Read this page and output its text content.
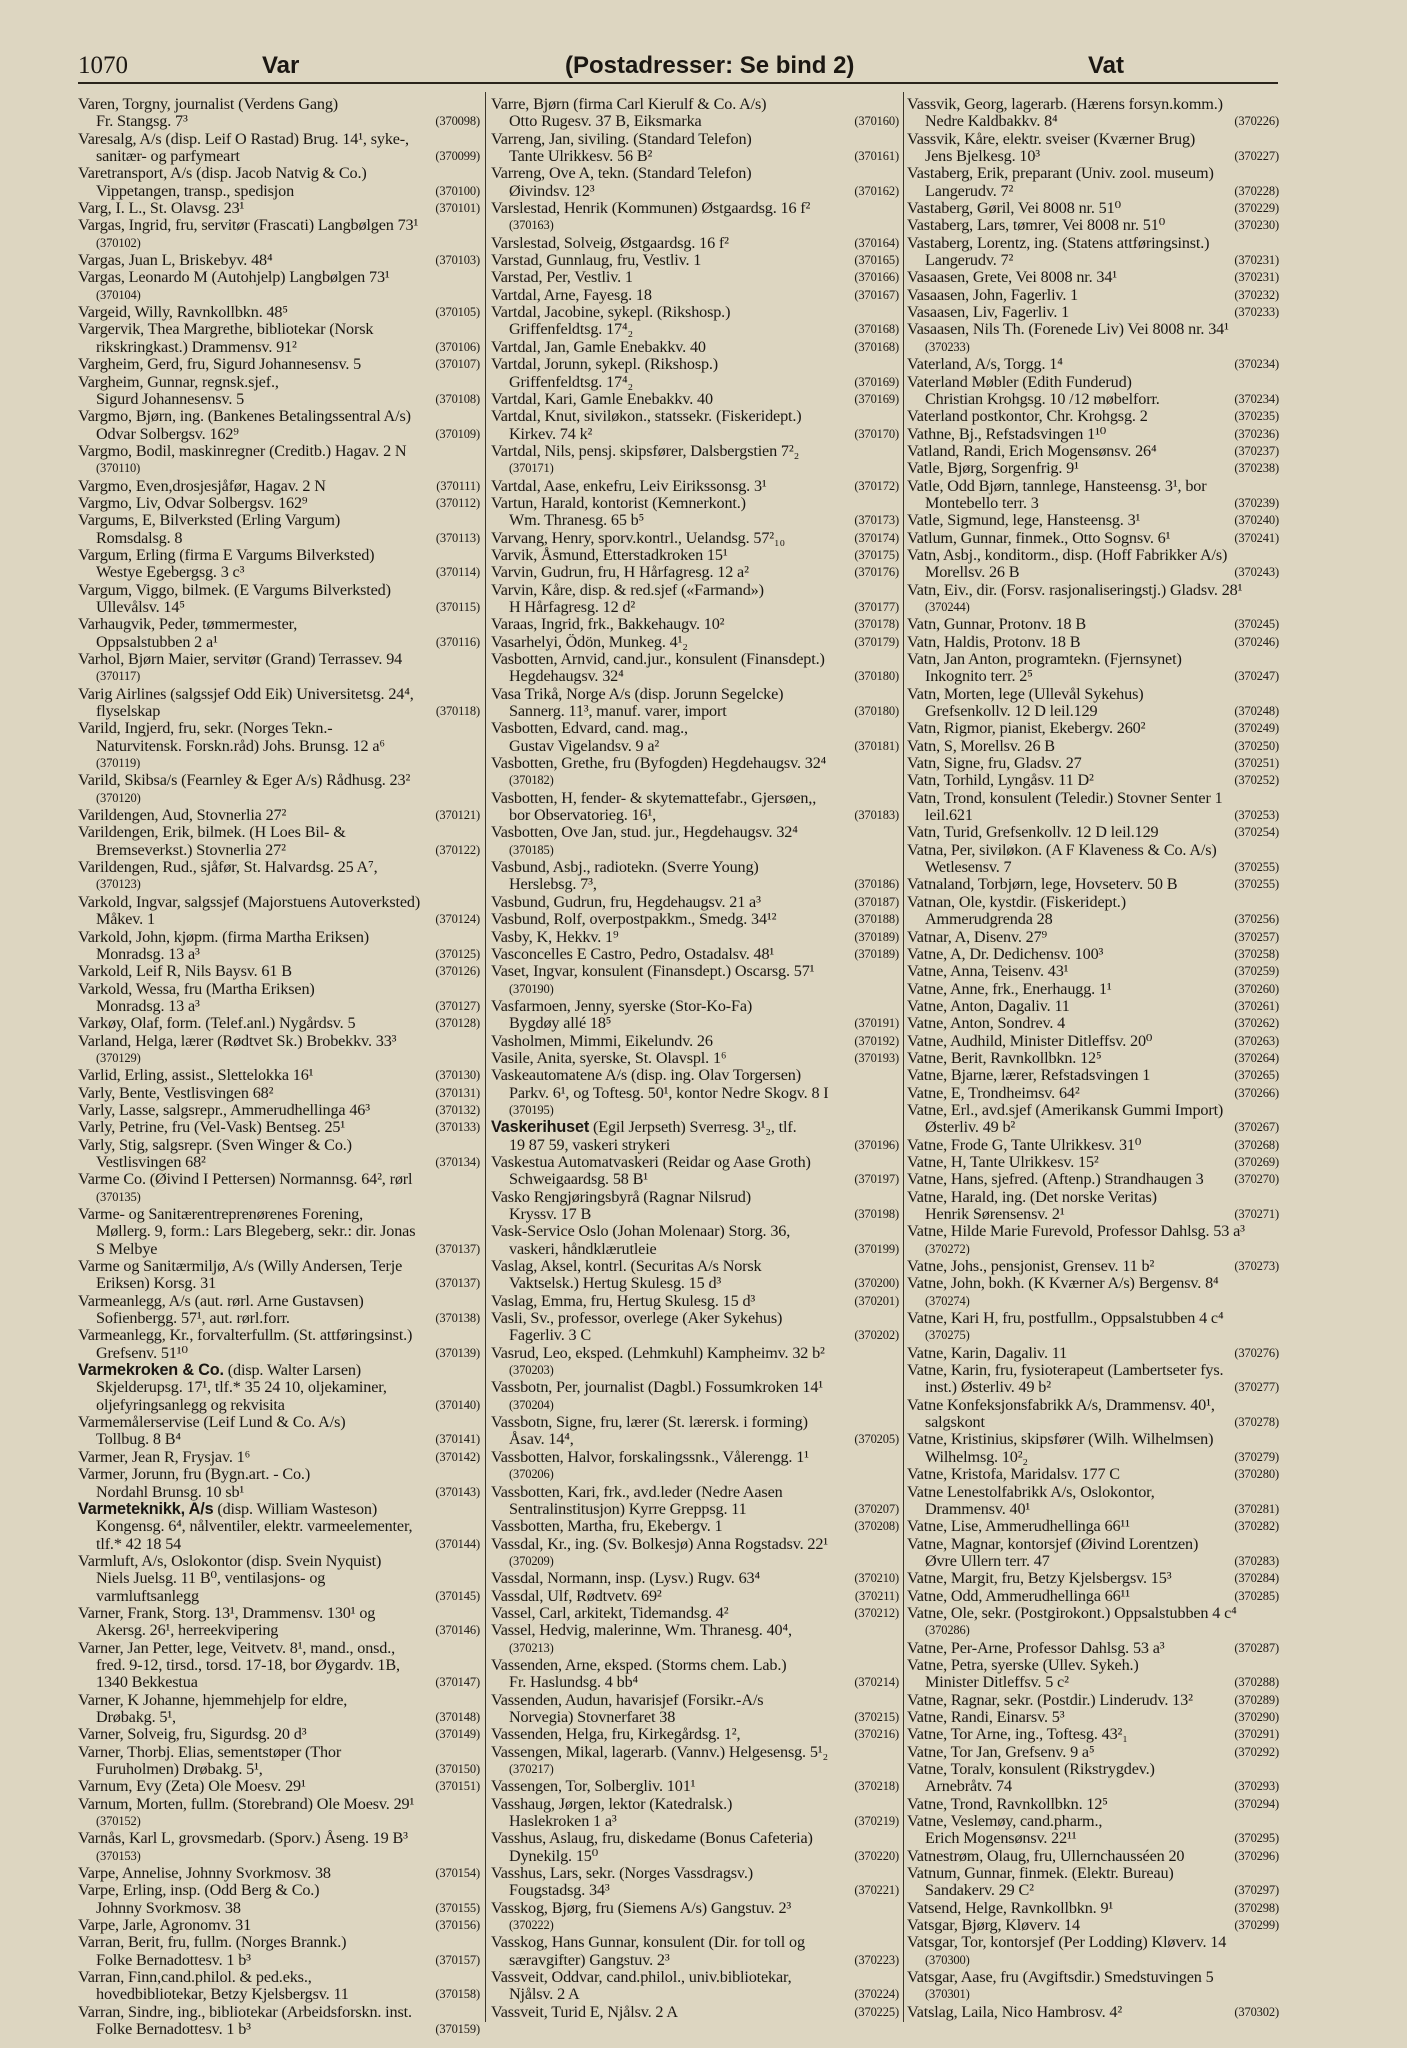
1070	Var	(Postadresser: Se bind 2)	Vat
Varen, Torgny, journalist (Verdens Gang)
Fr. Stangsg. 7³	(370098)
Varesalg, A/s (disp. Leif O Rastad) Brug. 14¹, syke-,
sanitær- og parfymeart	(370099)
Varetransport, A/s (disp. Jacob Natvig & Co.)
Vippetangen, transp., spedisjon	(370100)
Varg, I. L., St. Olavsg. 23¹	(370101)
Vargas, Ingrid, fru, servitør (Frascati) Langbølgen 73¹
(370102)
Vargas, Juan L, Briskebyv. 48⁴	(370103)
Vargas, Leonardo M (Autohjelp) Langbølgen 73¹
(370104)
Vargeid, Willy, Ravnkollbkn. 48⁵	(370105)
Vargervik, Thea Margrethe, bibliotekar (Norsk
rikskringkast.) Drammensv. 91²	(370106)
Vargheim, Gerd, fru, Sigurd Johannesensv. 5	(370107)
Vargheim, Gunnar, regnsk.sjef.,
Sigurd Johannesensv. 5	(370108)
Vargmo, Bjørn, ing. (Bankenes Betalingssentral A/s)
Odvar Solbergsv. 162⁹	(370109)
Vargmo, Bodil, maskinregner (Creditb.) Hagav. 2 N
(370110)
Vargmo, Even,drosjesjåfør, Hagav. 2 N	(370111)
Vargmo, Liv, Odvar Solbergsv. 162⁹	(370112)
Vargums, E, Bilverksted (Erling Vargum)
Romsdalsg. 8	(370113)
Vargum, Erling (firma E Vargums Bilverksted)
Westye Egebergsg. 3 c³	(370114)
Vargum, Viggo, bilmek. (E Vargums Bilverksted)
Ullevålsv. 14⁵	(370115)
Varhaugvik, Peder, tømmermester,
Oppsalstubben 2 a¹	(370116)
Varhol, Bjørn Maier, servitør (Grand) Terrassev. 94
(370117)
Varig Airlines (salgssjef Odd Eik) Universitetsg. 24⁴,
flyselskap	(370118)
Varild, Ingjerd, fru, sekr. (Norges Tekn.-
Naturvitensk. Forskn.råd) Johs. Brunsg. 12 a⁶
(370119)
Varild, Skibsa/s (Fearnley & Eger A/s) Rådhusg. 23²
(370120)
Varildengen, Aud, Stovnerlia 27²	(370121)
Varildengen, Erik, bilmek. (H Loes Bil- &
Bremseverkst.) Stovnerlia 27²	(370122)
Varildengen, Rud., sjåfør, St. Halvardsg. 25 A⁷,
(370123)
Varkold, Ingvar, salgssjef (Majorstuens Autoverksted)
Måkev. 1	(370124)
Varkold, John, kjøpm. (firma Martha Eriksen)
Monradsg. 13 a³	(370125)
Varkold, Leif R, Nils Baysv. 61 B	(370126)
Varkold, Wessa, fru (Martha Eriksen)
Monradsg. 13 a³	(370127)
Varkøy, Olaf, form. (Telef.anl.) Nygårdsv. 5	(370128)
Varland, Helga, lærer (Rødtvet Sk.) Brobekkv. 33³
(370129)
Varlid, Erling, assist., Slettelokka 16¹	(370130)
Varly, Bente, Vestlisvingen 68²	(370131)
Varly, Lasse, salgsrepr., Ammerudhellinga 46³	(370132)
Varly, Petrine, fru (Vel-Vask) Bentseg. 25¹	(370133)
Varly, Stig, salgsrepr. (Sven Winger & Co.)
Vestlisvingen 68²	(370134)
Varme Co. (Øivind I Pettersen) Normannsg. 64², rørl
(370135)
Varme- og Sanitærentreprenørenes Forening,
Møllerg. 9, form.: Lars Blegeberg, sekr.: dir. Jonas
S Melbye	(370137)
Varme og Sanitærmiljø, A/s (Willy Andersen, Terje
Eriksen) Korsg. 31	(370137)
Varmeanlegg, A/s (aut. rørl. Arne Gustavsen)
Sofienbergg. 57¹, aut. rørl.forr.	(370138)
Varmeanlegg, Kr., forvalterfullm. (St. attføringsinst.)
Grefsenv. 51¹⁰	(370139)
Varmekroken & Co. (disp. Walter Larsen)
Skjelderupsg. 17¹, tlf.* 35 24 10, oljekaminer,
oljefyringsanlegg og rekvisita	(370140)
Varmemålerservise (Leif Lund & Co. A/s)
Tollbug. 8 B⁴	(370141)
Varmer, Jean R, Frysjav. 1⁶	(370142)
Varmer, Jorunn, fru (Bygn.art. - Co.)
Nordahl Brunsg. 10 sb¹	(370143)
Varmeteknikk, A/s (disp. William Wasteson)
Kongensg. 6⁴, nålventiler, elektr. varmeelementer,
tlf.* 42 18 54	(370144)
Varmluft, A/s, Oslokontor (disp. Svein Nyquist)
Niels Juelsg. 11 B⁰, ventilasjons- og
varmluftsanlegg	(370145)
Varner, Frank, Storg. 13¹, Drammensv. 130¹ og
Akersg. 26¹, herreekvipering	(370146)
Varner, Jan Petter, lege, Veitvetv. 8¹, mand., onsd.,
fred. 9-12, tirsd., torsd. 17-18, bor Øygardv. 1B,
1340 Bekkestua	(370147)
Varner, K Johanne, hjemmehjelp for eldre,
Drøbakg. 5¹,	(370148)
Varner, Solveig, fru, Sigurdsg. 20 d³	(370149)
Varner, Thorbj. Elias, sementstøper (Thor
Furuholmen) Drøbakg. 5¹,	(370150)
Varnum, Evy (Zeta) Ole Moesv. 29¹	(370151)
Varnum, Morten, fullm. (Storebrand) Ole Moesv. 29¹
(370152)
Varnås, Karl L, grovsmedarb. (Sporv.) Åseng. 19 B³
(370153)
Varpe, Annelise, Johnny Svorkmosv. 38	(370154)
Varpe, Erling, insp. (Odd Berg & Co.)
Johnny Svorkmosv. 38	(370155)
Varpe, Jarle, Agronomv. 31	(370156)
Varran, Berit, fru, fullm. (Norges Brannk.)
Folke Bernadottesv. 1 b³	(370157)
Varran, Finn,cand.philol. & ped.eks.,
hovedbibliotekar, Betzy Kjelsbergsv. 11	(370158)
Varran, Sindre, ing., bibliotekar (Arbeidsforskn. inst.
Folke Bernadottesv. 1 b³	(370159)
Varre, Bjørn (firma Carl Kierulf & Co. A/s)
Otto Rugesv. 37 B, Eiksmarka	(370160)
Varreng, Jan, siviling. (Standard Telefon)
Tante Ulrikkesv. 56 B²	(370161)
Varreng, Ove A, tekn. (Standard Telefon)
Øivindsv. 12³	(370162)
Varslestad, Henrik (Kommunen) Østgaardsg. 16 f²
(370163)
Varslestad, Solveig, Østgaardsg. 16 f²	(370164)
Varstad, Gunnlaug, fru, Vestliv. 1	(370165)
Varstad, Per, Vestliv. 1	(370166)
Vartdal, Arne, Fayesg. 18	(370167)
Vartdal, Jacobine, sykepl. (Rikshosp.)
Griffenfeldtsg. 17⁴₂	(370168)
Vartdal, Jan, Gamle Enebakkv. 40	(370168)
Vartdal, Jorunn, sykepl. (Rikshosp.)
Griffenfeldtsg. 17⁴₂	(370169)
Vartdal, Kari, Gamle Enebakkv. 40	(370169)
Vartdal, Knut, siviløkon., statssekr. (Fiskeridept.)
Kirkev. 74 k²	(370170)
Vartdal, Nils, pensj. skipsfører, Dalsbergstien 7²₂
(370171)
Vartdal, Aase, enkefru, Leiv Eirikssonsg. 3¹	(370172)
Vartun, Harald, kontorist (Kemnerkont.)
Wm. Thranesg. 65 b⁵	(370173)
Varvang, Henry, sporv.kontrl., Uelandsg. 57²₁₀	(370174)
Varvik, Åsmund, Etterstadkroken 15¹	(370175)
Varvin, Gudrun, fru, H Hårfagresg. 12 a²	(370176)
Varvin, Kåre, disp. & red.sjef («Farmand»)
H Hårfagresg. 12 d²	(370177)
Varaas, Ingrid, frk., Bakkehaugv. 10²	(370178)
Vasarhelyi, Ödön, Munkeg. 4¹₂	(370179)
Vasbotten, Arnvid, cand.jur., konsulent (Finansdept.)
Hegdehaugsv. 32⁴	(370180)
Vasa Trikå, Norge A/s (disp. Jorunn Segelcke)
Sannerg. 11³, manuf. varer, import	(370180)
Vasbotten, Edvard, cand. mag.,
Gustav Vigelandsv. 9 a²	(370181)
Vasbotten, Grethe, fru (Byfogden) Hegdehaugsv. 32⁴
(370182)
Vasbotten, H, fender- & skytemattefabr., Gjersøen,,
bor Observatorieg. 16¹,	(370183)
Vasbotten, Ove Jan, stud. jur., Hegdehaugsv. 32⁴
(370185)
Vasbund, Asbj., radiotekn. (Sverre Young)
Herslebsg. 7³,	(370186)
Vasbund, Gudrun, fru, Hegdehaugsv. 21 a³	(370187)
Vasbund, Rolf, overpostpakkm., Smedg. 34¹²	(370188)
Vasby, K, Hekkv. 1⁹	(370189)
Vasconcelles E Castro, Pedro, Ostadalsv. 48¹	(370189)
Vaset, Ingvar, konsulent (Finansdept.) Oscarsg. 57¹
(370190)
Vasfarmoen, Jenny, syerske (Stor-Ko-Fa)
Bygdøy allé 18⁵	(370191)
Vasholmen, Mimmi, Eikelundv. 26	(370192)
Vasile, Anita, syerske, St. Olavspl. 1⁶	(370193)
Vaskeautomatene A/s (disp. ing. Olav Torgersen)
Parkv. 6¹, og Toftesg. 50¹, kontor Nedre Skogv. 8 I
(370195)
Vaskerihuset (Egil Jerpseth) Sverresg. 3¹₂, tlf.
19 87 59, vaskeri strykeri	(370196)
Vaskestua Automatvaskeri (Reidar og Aase Groth)
Schweigaardsg. 58 B¹	(370197)
Vasko Rengjøringsbyrå (Ragnar Nilsrud)
Kryssv. 17 B	(370198)
Vask-Service Oslo (Johan Molenaar) Storg. 36,
vaskeri, håndklærutleie	(370199)
Vaslag, Aksel, kontrl. (Securitas A/s Norsk
Vaktselsk.) Hertug Skulesg. 15 d³	(370200)
Vaslag, Emma, fru, Hertug Skulesg. 15 d³	(370201)
Vasli, Sv., professor, overlege (Aker Sykehus)
Fagerliv. 3 C	(370202)
Vasrud, Leo, eksped. (Lehmkuhl) Kampheimv. 32 b²
(370203)
Vassbotn, Per, journalist (Dagbl.) Fossumkroken 14¹
(370204)
Vassbotn, Signe, fru, lærer (St. lærersk. i forming)
Åsav. 14⁴,	(370205)
Vassbotten, Halvor, forskalingssnk., Vålerengg. 1¹
(370206)
Vassbotten, Kari, frk., avd.leder (Nedre Aasen
Sentralinstitusjon) Kyrre Greppsg. 11	(370207)
Vassbotten, Martha, fru, Ekebergv. 1	(370208)
Vassdal, Kr., ing. (Sv. Bolkesjø) Anna Rogstadsv. 22¹
(370209)
Vassdal, Normann, insp. (Lysv.) Rugv. 63⁴	(370210)
Vassdal, Ulf, Rødtvetv. 69²	(370211)
Vassel, Carl, arkitekt, Tidemandsg. 4²	(370212)
Vassel, Hedvig, malerinne, Wm. Thranesg. 40⁴,
(370213)
Vassenden, Arne, eksped. (Storms chem. Lab.)
Fr. Haslundsg. 4 bb⁴	(370214)
Vassenden, Audun, havarisjef (Forsikr.-A/s
Norvegia) Stovnerfaret 38	(370215)
Vassenden, Helga, fru, Kirkegårdsg. 1²,	(370216)
Vassengen, Mikal, lagerarb. (Vannv.) Helgesensg. 5¹₂
(370217)
Vassengen, Tor, Solbergliv. 101¹	(370218)
Vasshaug, Jørgen, lektor (Katedralsk.)
Haslekroken 1 a³	(370219)
Vasshus, Aslaug, fru, diskedame (Bonus Cafeteria)
Dynekilg. 15⁰	(370220)
Vasshus, Lars, sekr. (Norges Vassdragsv.)
Fougstadsg. 34³	(370221)
Vasskog, Bjørg, fru (Siemens A/s) Gangstuv. 2³
(370222)
Vasskog, Hans Gunnar, konsulent (Dir. for toll og
særavgifter) Gangstuv. 2³	(370223)
Vassveit, Oddvar, cand.philol., univ.bibliotekar,
Njålsv. 2 A	(370224)
Vassveit, Turid E, Njålsv. 2 A	(370225)
Vassvik, Georg, lagerarb. (Hærens forsyn.komm.)
Nedre Kaldbakkv. 8⁴	(370226)
Vassvik, Kåre, elektr. sveiser (Kværner Brug)
Jens Bjelkesg. 10³	(370227)
Vastaberg, Erik, preparant (Univ. zool. museum)
Langerudv. 7²	(370228)
Vastaberg, Gøril, Vei 8008 nr. 51⁰	(370229)
Vastaberg, Lars, tømrer, Vei 8008 nr. 51⁰	(370230)
Vastaberg, Lorentz, ing. (Statens attføringsinst.)
Langerudv. 7²	(370231)
Vasaasen, Grete, Vei 8008 nr. 34¹	(370231)
Vasaasen, John, Fagerliv. 1	(370232)
Vasaasen, Liv, Fagerliv. 1	(370233)
Vasaasen, Nils Th. (Forenede Liv) Vei 8008 nr. 34¹
(370233)
Vaterland, A/s, Torgg. 1⁴	(370234)
Vaterland Møbler (Edith Funderud)
Christian Krohgsg. 10 /12 møbelforr.	(370234)
Vaterland postkontor, Chr. Krohgsg. 2	(370235)
Vathne, Bj., Refstadsvingen 1¹⁰	(370236)
Vatland, Randi, Erich Mogensønsv. 26⁴	(370237)
Vatle, Bjørg, Sorgenfrig. 9¹	(370238)
Vatle, Odd Bjørn, tannlege, Hansteensg. 3¹, bor
Montebello terr. 3	(370239)
Vatle, Sigmund, lege, Hansteensg. 3¹	(370240)
Vatlum, Gunnar, finmek., Otto Sognsv. 6¹	(370241)
Vatn, Asbj., konditorm., disp. (Hoff Fabrikker A/s)
Morellsv. 26 B	(370243)
Vatn, Eiv., dir. (Forsv. rasjonaliseringstj.) Gladsv. 28¹
(370244)
Vatn, Gunnar, Protonv. 18 B	(370245)
Vatn, Haldis, Protonv. 18 B	(370246)
Vatn, Jan Anton, programtekn. (Fjernsynet)
Inkognito terr. 2⁵	(370247)
Vatn, Morten, lege (Ullevål Sykehus)
Grefsenkollv. 12 D leil.129	(370248)
Vatn, Rigmor, pianist, Ekebergv. 260²	(370249)
Vatn, S, Morellsv. 26 B	(370250)
Vatn, Signe, fru, Gladsv. 27	(370251)
Vatn, Torhild, Lyngåsv. 11 D²	(370252)
Vatn, Trond, konsulent (Teledir.) Stovner Senter 1
leil.621	(370253)
Vatn, Turid, Grefsenkollv. 12 D leil.129	(370254)
Vatna, Per, siviløkon. (A F Klaveness & Co. A/s)
Wetlesensv. 7	(370255)
Vatnaland, Torbjørn, lege, Hovseterv. 50 B	(370255)
Vatnan, Ole, kystdir. (Fiskeridept.)
Ammerudgrenda 28	(370256)
Vatnar, A, Disenv. 27⁹	(370257)
Vatne, A, Dr. Dedichensv. 100³	(370258)
Vatne, Anna, Teisenv. 43¹	(370259)
Vatne, Anne, frk., Enerhaugg. 1¹	(370260)
Vatne, Anton, Dagaliv. 11	(370261)
Vatne, Anton, Sondrev. 4	(370262)
Vatne, Audhild, Minister Ditleffsv. 20⁰	(370263)
Vatne, Berit, Ravnkollbkn. 12⁵	(370264)
Vatne, Bjarne, lærer, Refstadsvingen 1	(370265)
Vatne, E, Trondheimsv. 64²	(370266)
Vatne, Erl., avd.sjef (Amerikansk Gummi Import)
Østerliv. 49 b²	(370267)
Vatne, Frode G, Tante Ulrikkesv. 31⁰	(370268)
Vatne, H, Tante Ulrikkesv. 15²	(370269)
Vatne, Hans, sjefred. (Aftenp.) Strandhaugen 3	(370270)
Vatne, Harald, ing. (Det norske Veritas)
Henrik Sørensensv. 2¹	(370271)
Vatne, Hilde Marie Furevold, Professor Dahlsg. 53 a³
(370272)
Vatne, Johs., pensjonist, Grensev. 11 b²	(370273)
Vatne, John, bokh. (K Kværner A/s) Bergensv. 8⁴
(370274)
Vatne, Kari H, fru, postfullm., Oppsalstubben 4 c⁴
(370275)
Vatne, Karin, Dagaliv. 11	(370276)
Vatne, Karin, fru, fysioterapeut (Lambertseter fys.
inst.) Østerliv. 49 b²	(370277)
Vatne Konfeksjonsfabrikk A/s, Drammensv. 40¹,
salgskont	(370278)
Vatne, Kristinius, skipsfører (Wilh. Wilhelmsen)
Wilhelmsg. 10²₂	(370279)
Vatne, Kristofa, Maridalsv. 177 C	(370280)
Vatne Lenestolfabrikk A/s, Oslokontor,
Drammensv. 40¹	(370281)
Vatne, Lise, Ammerudhellinga 66¹¹	(370282)
Vatne, Magnar, kontorsjef (Øivind Lorentzen)
Øvre Ullern terr. 47	(370283)
Vatne, Margit, fru, Betzy Kjelsbergsv. 15³	(370284)
Vatne, Odd, Ammerudhellinga 66¹¹	(370285)
Vatne, Ole, sekr. (Postgirokont.) Oppsalstubben 4 c⁴
(370286)
Vatne, Per-Arne, Professor Dahlsg. 53 a³	(370287)
Vatne, Petra, syerske (Ullev. Sykeh.)
Minister Ditleffsv. 5 c²	(370288)
Vatne, Ragnar, sekr. (Postdir.) Linderudv. 13²	(370289)
Vatne, Randi, Einarsv. 5³	(370290)
Vatne, Tor Arne, ing., Toftesg. 43²₁	(370291)
Vatne, Tor Jan, Grefsenv. 9 a⁵	(370292)
Vatne, Toralv, konsulent (Rikstrygdev.)
Arnebråtv. 74	(370293)
Vatne, Trond, Ravnkollbkn. 12⁵	(370294)
Vatne, Veslemøy, cand.pharm.,
Erich Mogensønsv. 22¹¹	(370295)
Vatnestrøm, Olaug, fru, Ullernchausséen 20	(370296)
Vatnum, Gunnar, finmek. (Elektr. Bureau)
Sandakerv. 29 C²	(370297)
Vatsend, Helge, Ravnkollbkn. 9¹	(370298)
Vatsgar, Bjørg, Kløverv. 14	(370299)
Vatsgar, Tor, kontorsjef (Per Lodding) Kløverv. 14
(370300)
Vatsgar, Aase, fru (Avgiftsdir.) Smedstuvingen 5
(370301)
Vatslag, Laila, Nico Hambrosv. 4²	(370302)
